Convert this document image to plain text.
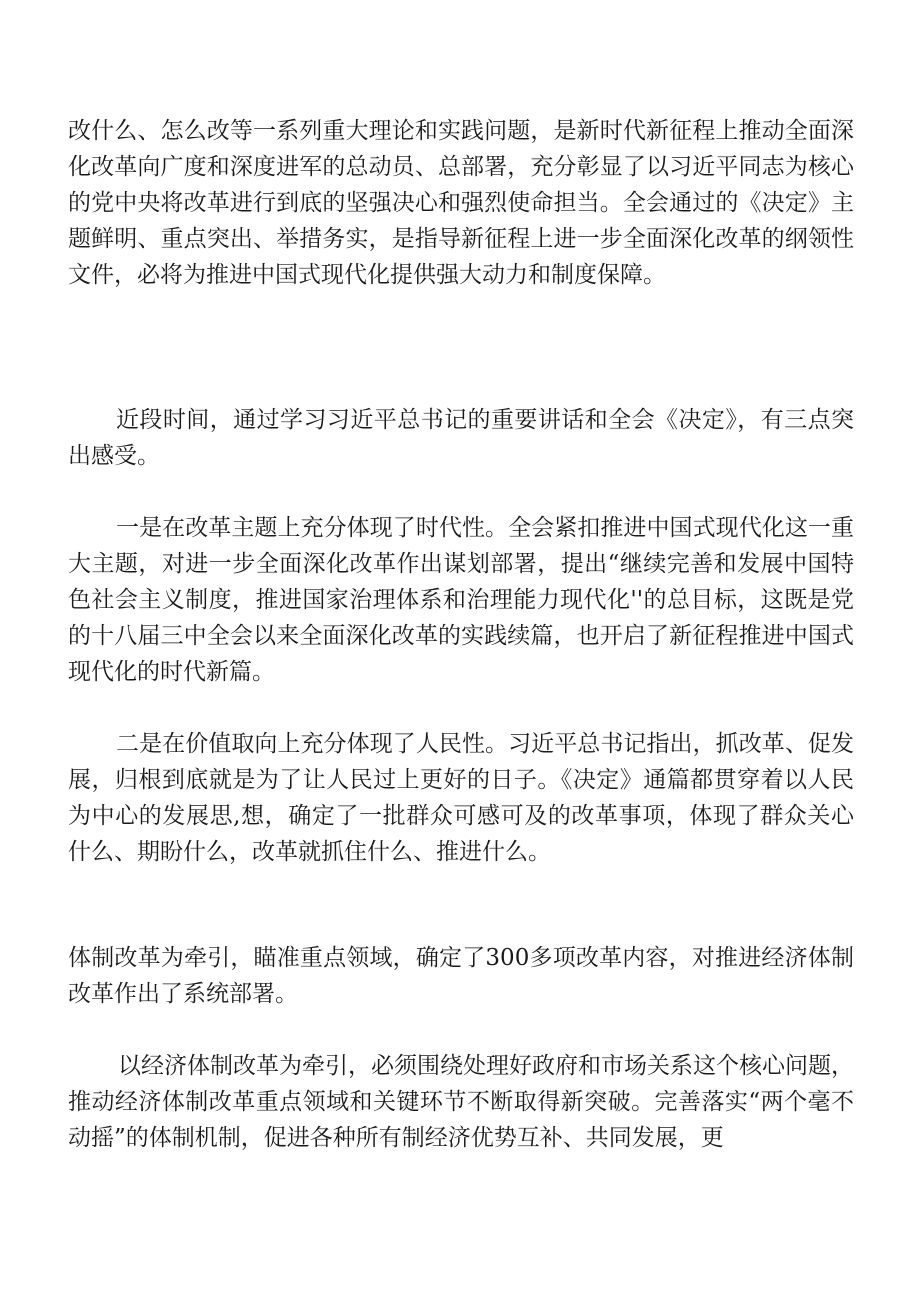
改什么、怎么改等一系列重大理论和实践问题，是新时代新征程上推动全面深化改革向广度和深度进军的总动员、总部署，充分彰显了以习近平同志为核心的党中央将改革进行到底的坚强决心和强烈使命担当。全会通过的《决定》主题鲜明、重点突出、举措务实，是指导新征程上进一步全面深化改革的纲领性文件，必将为推进中国式现代化提供强大动力和制度保障。

近段时间，通过学习习近平总书记的重要讲话和全会《决定》，有三点突出感受。

一是在改革主题上充分体现了时代性。全会紧扣推进中国式现代化这一重大主题，对进一步全面深化改革作出谋划部署，提出“继续完善和发展中国特色社会主义制度，推进国家治理体系和治理能力现代化''的总目标，这既是党的十八届三中全会以来全面深化改革的实践续篇，也开启了新征程推进中国式现代化的时代新篇。

二是在价值取向上充分体现了人民性。习近平总书记指出，抓改革、促发展，归根到底就是为了让人民过上更好的日子。《决定》通篇都贯穿着以人民为中心的发展思,想，确定了一批群众可感可及的改革事项，体现了群众关心什么、期盼什么，改革就抓住什么、推进什么。

体制改革为牵引，瞄准重点领域，确定了300多项改革内容，对推进经济体制改革作出了系统部署。

以经济体制改革为牵引，必须围绕处理好政府和市场关系这个核心问题，推动经济体制改革重点领域和关键环节不断取得新突破。完善落实“两个毫不动摇”的体制机制，促进各种所有制经济优势互补、共同发展，更
